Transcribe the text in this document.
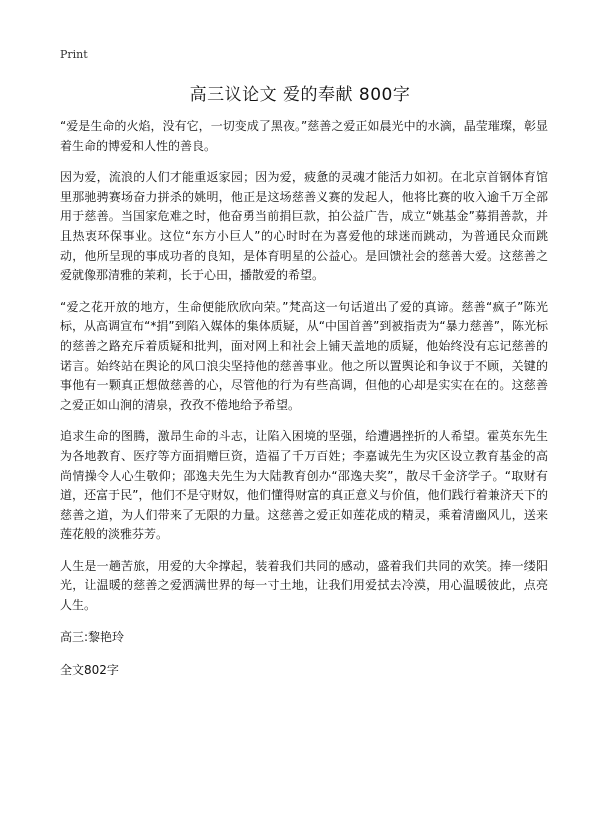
Print
高三议论文 爱的奉献 800字

“爱是生命的火焰，没有它，一切变成了黑夜。”慈善之爱正如晨光中的水滴，晶莹璀璨，彰显着生命的博爱和人性的善良。

因为爱，流浪的人们才能重返家园；因为爱，疲惫的灵魂才能活力如初。在北京首钢体育馆里那驰骋赛场奋力拼杀的姚明，他正是这场慈善义赛的发起人，他将比赛的收入逾千万全部用于慈善。当国家危难之时，他奋勇当前捐巨款，拍公益广告，成立“姚基金”募捐善款，并且热衷环保事业。这位“东方小巨人”的心时时在为喜爱他的球迷而跳动，为普通民众而跳动，他所呈现的事成功者的良知，是体育明星的公益心。是回馈社会的慈善大爱。这慈善之爱就像那清雅的茉莉，长于心田，播散爱的希望。

“爱之花开放的地方，生命便能欣欣向荣。”梵高这一句话道出了爱的真谛。慈善“疯子”陈光标，从高调宣布“*捐”到陷入媒体的集体质疑，从“中国首善”到被指责为“暴力慈善”，陈光标的慈善之路充斥着质疑和批判，面对网上和社会上铺天盖地的质疑，他始终没有忘记慈善的诺言。始终站在舆论的风口浪尖坚持他的慈善事业。他之所以置舆论和争议于不顾，关键的事他有一颗真正想做慈善的心，尽管他的行为有些高调，但他的心却是实实在在的。这慈善之爱正如山涧的清泉，孜孜不倦地给予希望。

追求生命的图腾，激昂生命的斗志，让陷入困境的坚强，给遭遇挫折的人希望。霍英东先生为各地教育、医疗等方面捐赠巨资，造福了千万百姓；李嘉诚先生为灾区设立教育基金的高尚情操令人心生敬仰；邵逸夫先生为大陆教育创办“邵逸夫奖”，散尽千金济学子。“取财有道，还富于民”，他们不是守财奴，他们懂得财富的真正意义与价值，他们践行着兼济天下的慈善之道，为人们带来了无限的力量。这慈善之爱正如莲花成的精灵，乘着清幽风儿，送来莲花般的淡雅芬芳。

人生是一趟苦旅，用爱的大伞撑起，装着我们共同的感动，盛着我们共同的欢笑。捧一缕阳光，让温暖的慈善之爱洒满世界的每一寸土地，让我们用爱拭去冷漠，用心温暖彼此，点亮人生。

高三:黎艳玲
全文802字
